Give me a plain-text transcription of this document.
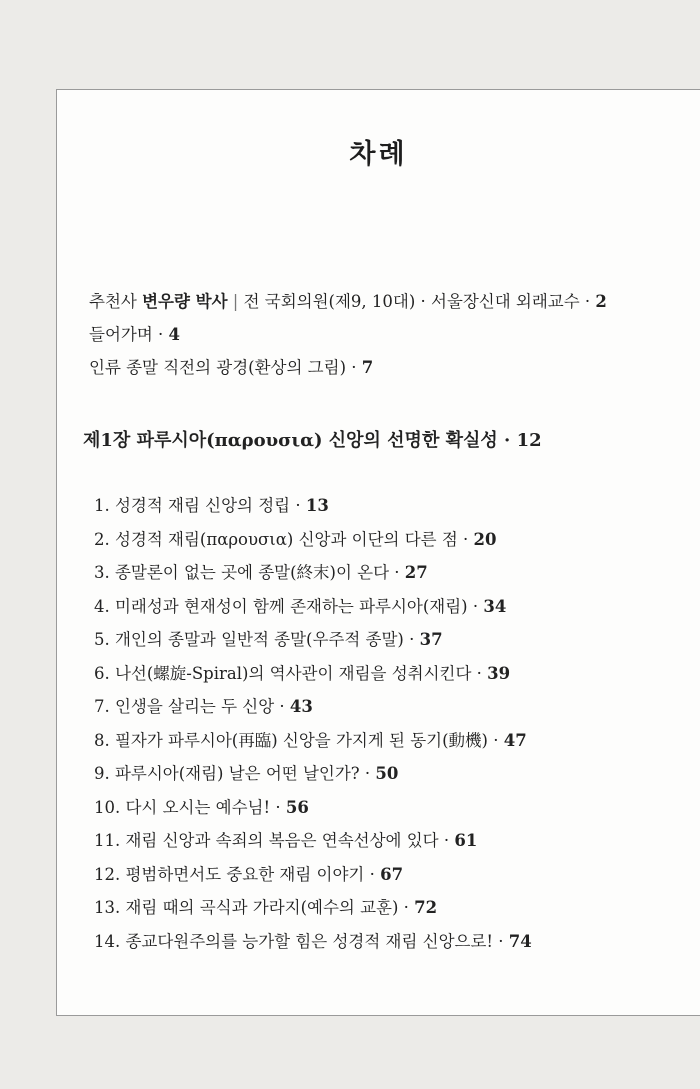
차례
추천사 변우량 박사 | 전 국회의원(제9, 10대) · 서울장신대 외래교수 · 2
들어가며 · 4
인류 종말 직전의 광경(환상의 그림) · 7
제1장 파루시아(παρουσια) 신앙의 선명한 확실성 · 12
1. 성경적 재림 신앙의 정립 · 13
2. 성경적 재림(παρουσια) 신앙과 이단의 다른 점 · 20
3. 종말론이 없는 곳에 종말(終末)이 온다 · 27
4. 미래성과 현재성이 함께 존재하는 파루시아(재림) · 34
5. 개인의 종말과 일반적 종말(우주적 종말) · 37
6. 나선(螺旋-Spiral)의 역사관이 재림을 성취시킨다 · 39
7. 인생을 살리는 두 신앙 · 43
8. 필자가 파루시아(再臨) 신앙을 가지게 된 동기(動機) · 47
9. 파루시아(재림) 날은 어떤 날인가? · 50
10. 다시 오시는 예수님! · 56
11. 재림 신앙과 속죄의 복음은 연속선상에 있다 · 61
12. 평범하면서도 중요한 재림 이야기 · 67
13. 재림 때의 곡식과 가라지(예수의 교훈) · 72
14. 종교다원주의를 능가할 힘은 성경적 재림 신앙으로! · 74
